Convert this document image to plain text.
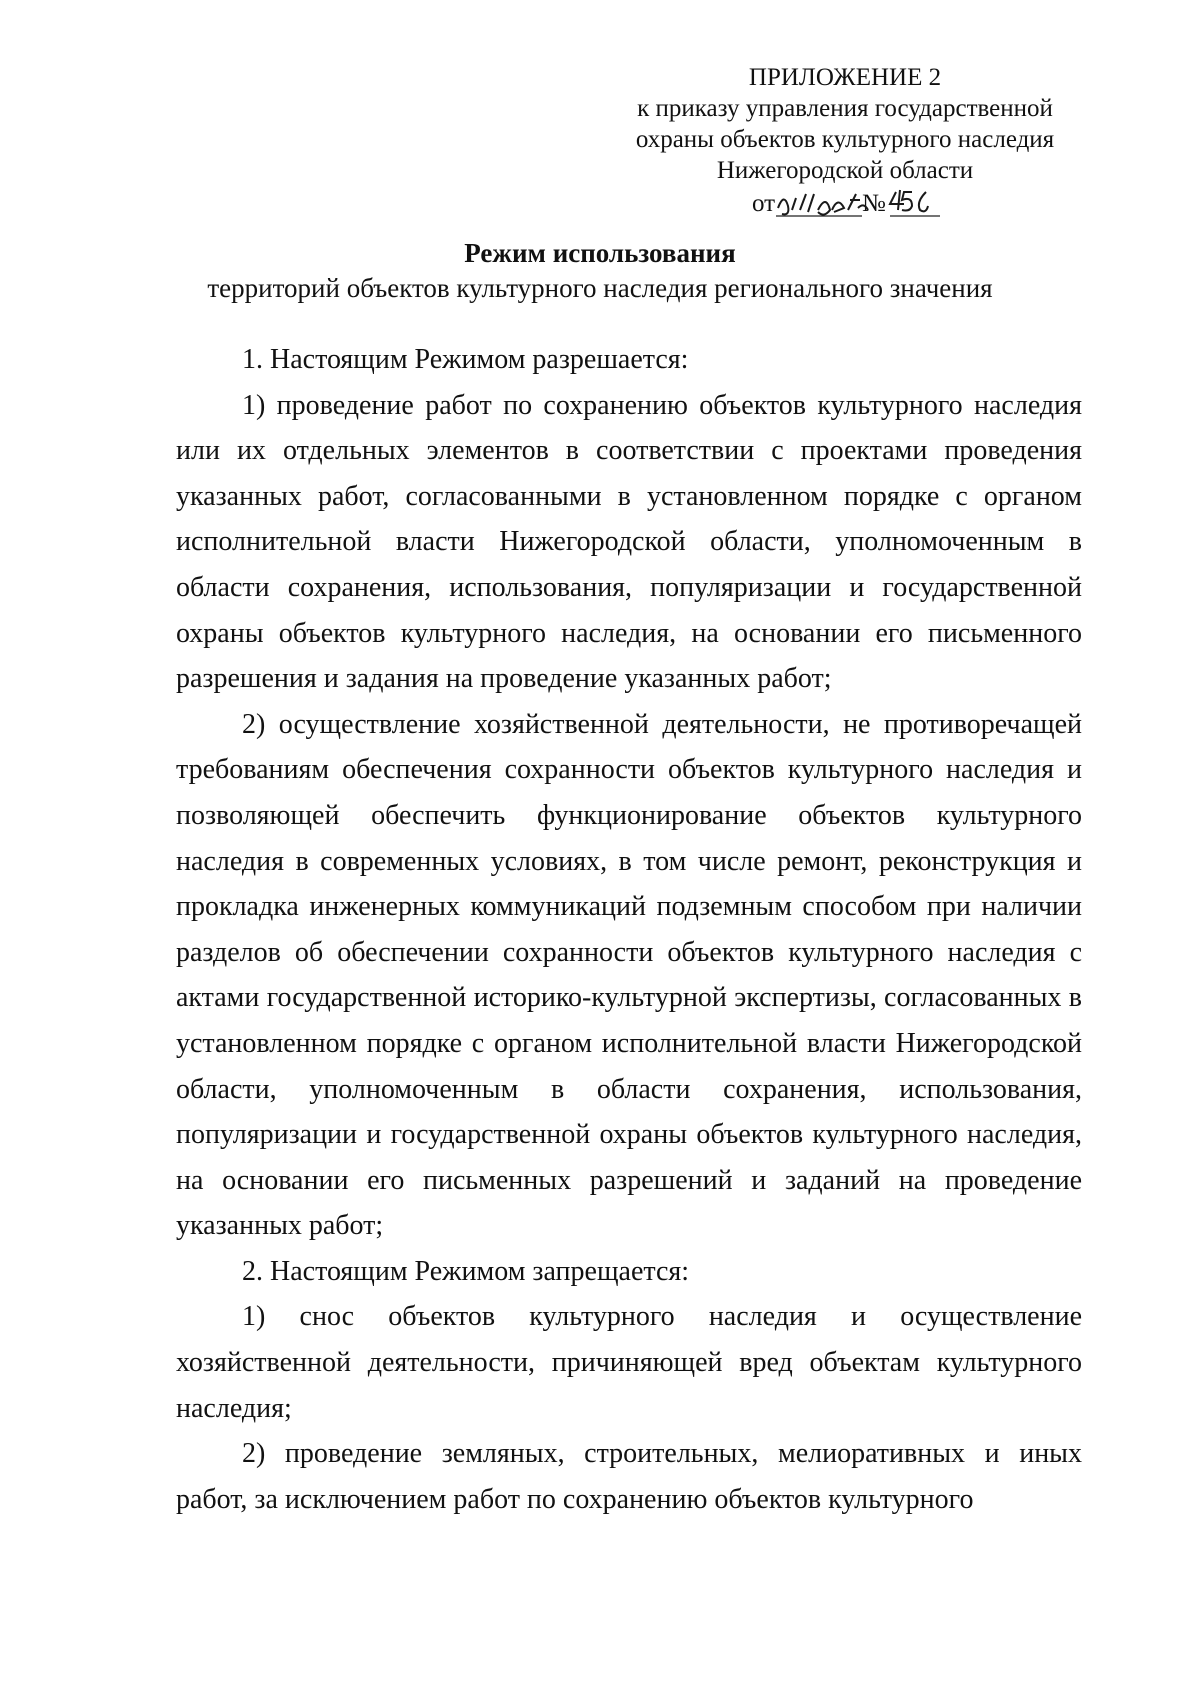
ПРИЛОЖЕНИЕ 2
к приказу управления государственной
охраны объектов культурного наследия
Нижегородской области
от	№
Режим использования
территорий объектов культурного наследия регионального значения

1. Настоящим Режимом разрешается:

1) проведение работ по сохранению объектов культурного наследия или их отдельных элементов в соответствии с проектами проведения указанных работ, согласованными в установленном порядке с органом исполнительной власти Нижегородской области, уполномоченным в области сохранения, использования, популяризации и государственной охраны объектов культурного наследия, на основании его письменного разрешения и задания на проведение указанных работ;

2) осуществление хозяйственной деятельности, не противоречащей требованиям обеспечения сохранности объектов культурного наследия и позволяющей обеспечить функционирование объектов культурного наследия в современных условиях, в том числе ремонт, реконструкция и прокладка инженерных коммуникаций подземным способом при наличии разделов об обеспечении сохранности объектов культурного наследия с актами государственной историко-культурной экспертизы, согласованных в установленном порядке с органом исполнительной власти Нижегородской области, уполномоченным в области сохранения, использования, популяризации и государственной охраны объектов культурного наследия, на основании его письменных разрешений и заданий на проведение указанных работ;

2. Настоящим Режимом запрещается:

1) снос объектов культурного наследия и осуществление хозяйственной деятельности, причиняющей вред объектам культурного наследия;

2) проведение земляных, строительных, мелиоративных и иных работ, за исключением работ по сохранению объектов культурного
